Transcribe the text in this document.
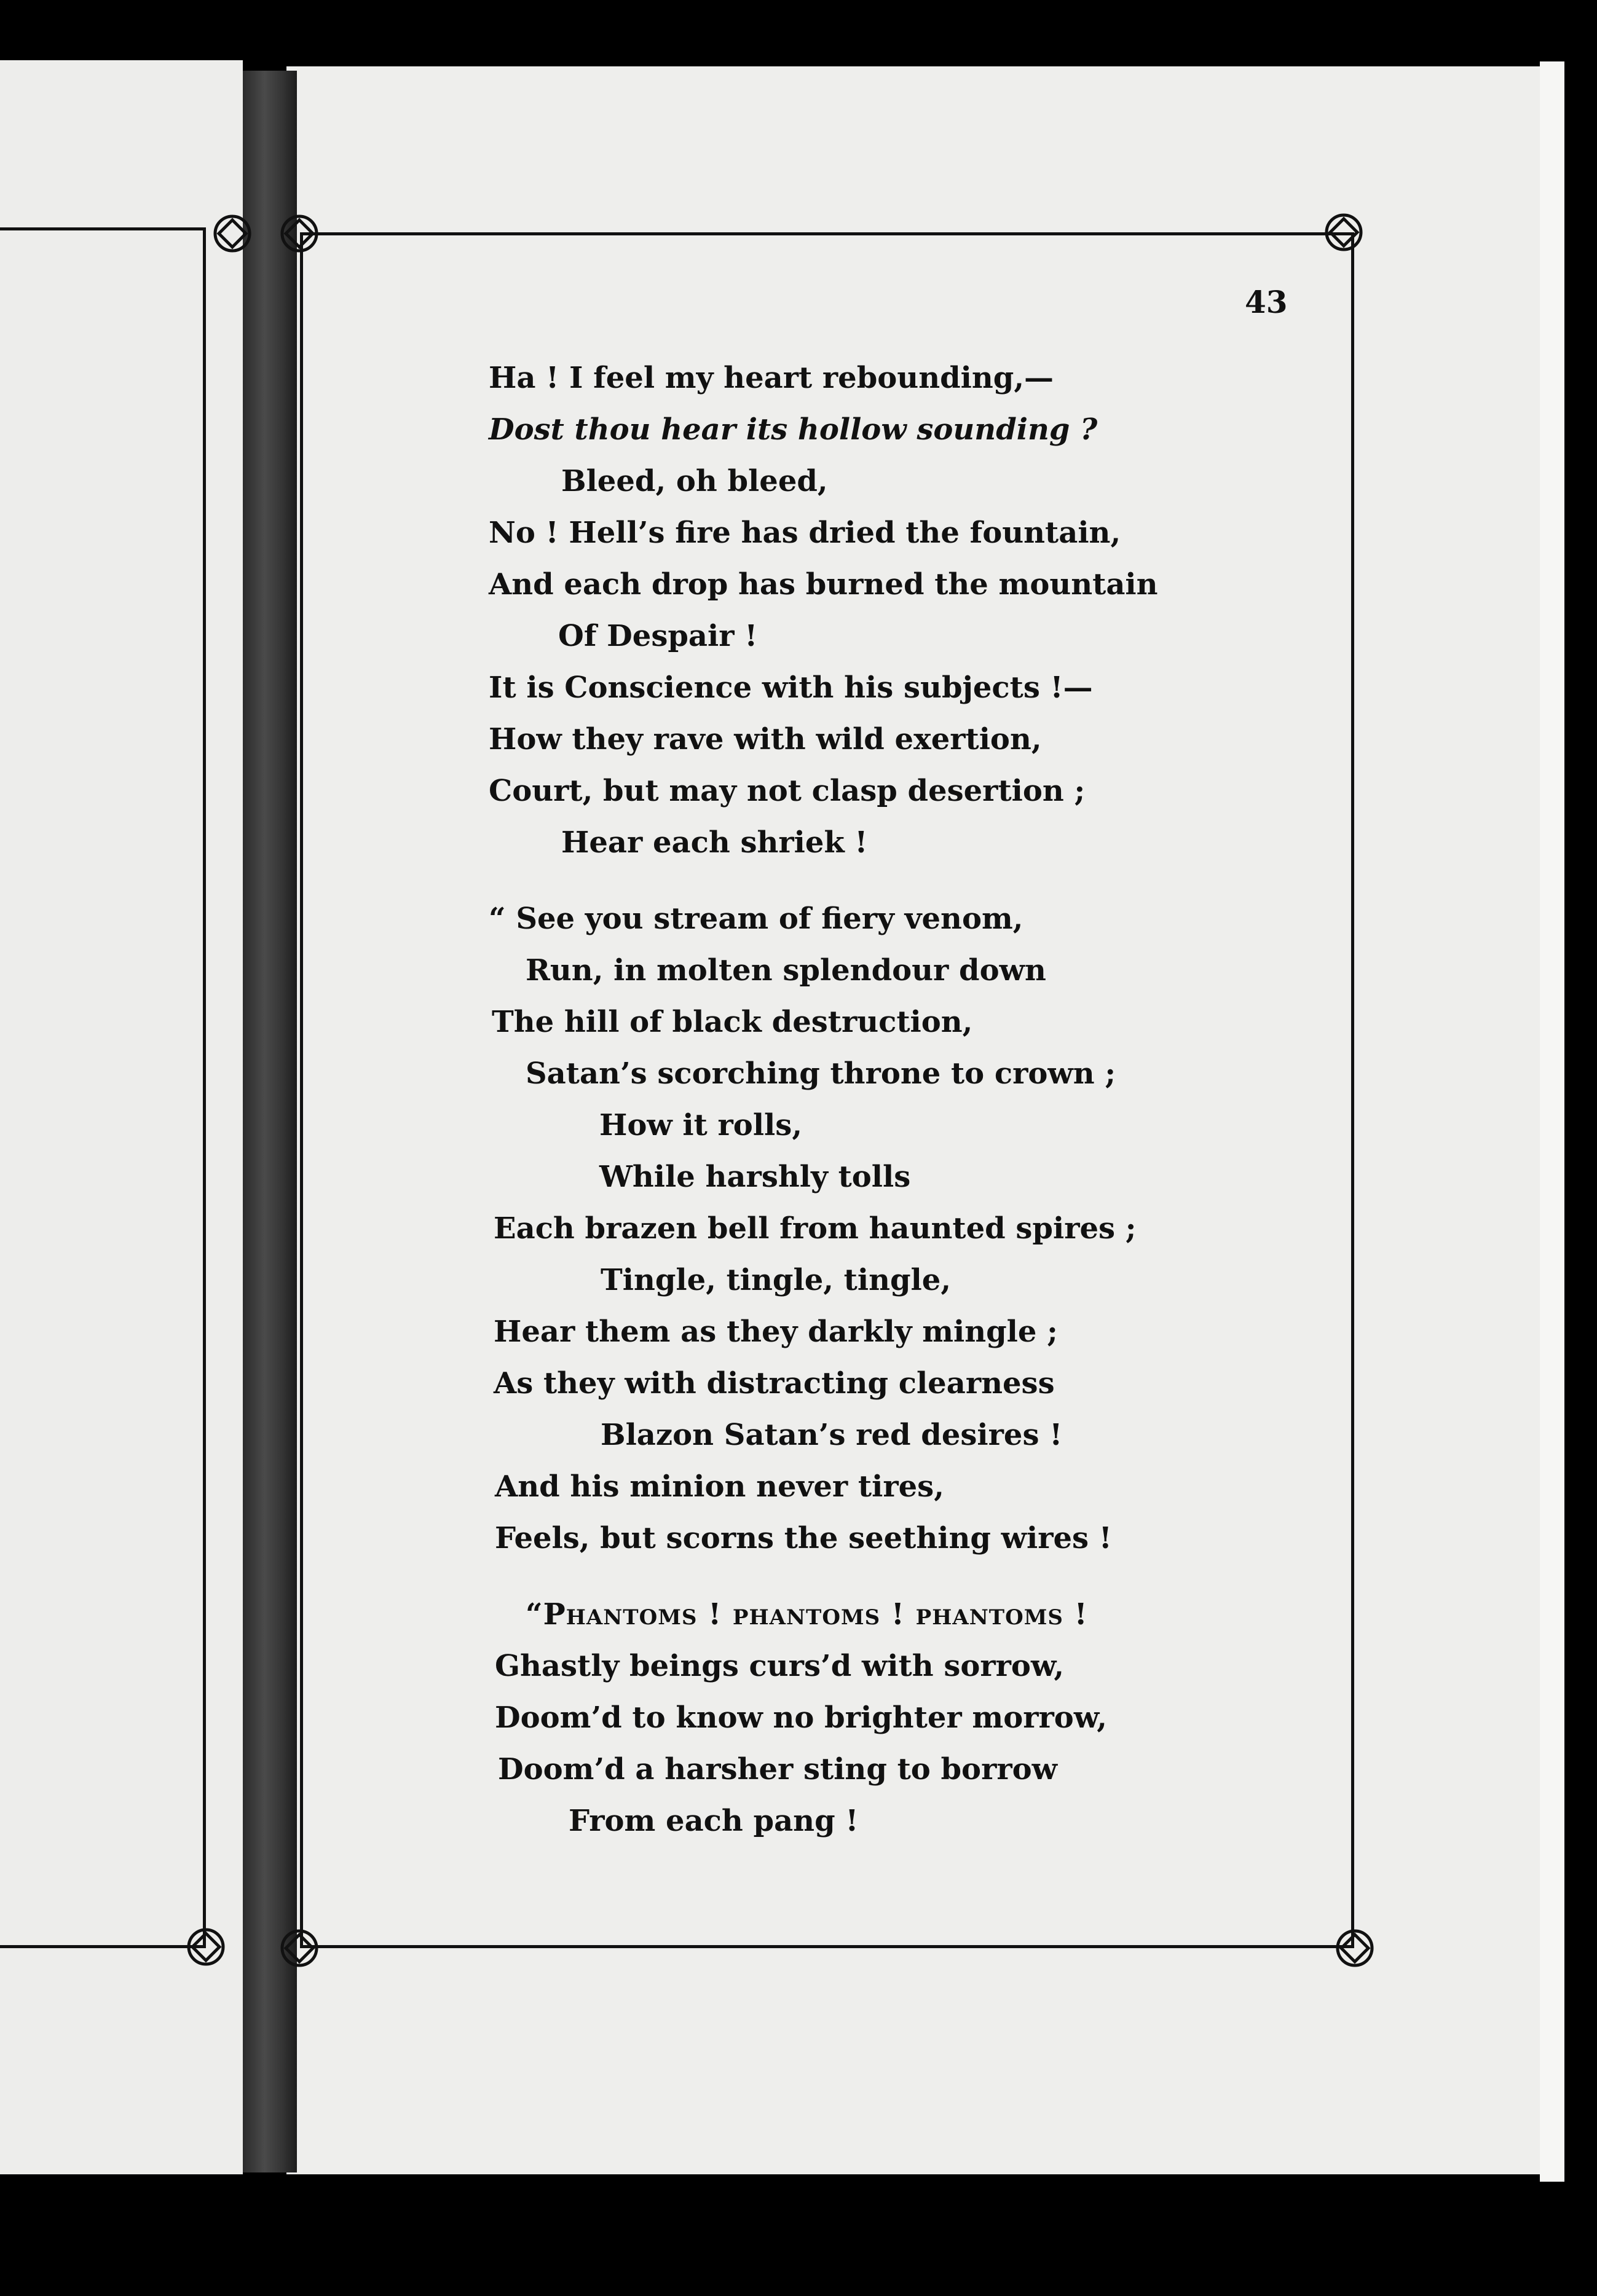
43
Ha ! I feel my heart rebounding,—
Dost thou hear its hollow sounding ?
Bleed, oh bleed,
No ! Hell’s fire has dried the fountain,
And each drop has burned the mountain
Of Despair !
It is Conscience with his subjects !—
How they rave with wild exertion,
Court, but may not clasp desertion ;
Hear each shriek !
“ See you stream of fiery venom,
Run, in molten splendour down
The hill of black destruction,
Satan’s scorching throne to crown ;
How it rolls,
While harshly tolls
Each brazen bell from haunted spires ;
Tingle, tingle, tingle,
Hear them as they darkly mingle ;
As they with distracting clearness
Blazon Satan’s red desires !
And his minion never tires,
Feels, but scorns the seething wires !
“Phantoms ! phantoms ! phantoms !
Ghastly beings curs’d with sorrow,
Doom’d to know no brighter morrow,
Doom’d a harsher sting to borrow
From each pang !
